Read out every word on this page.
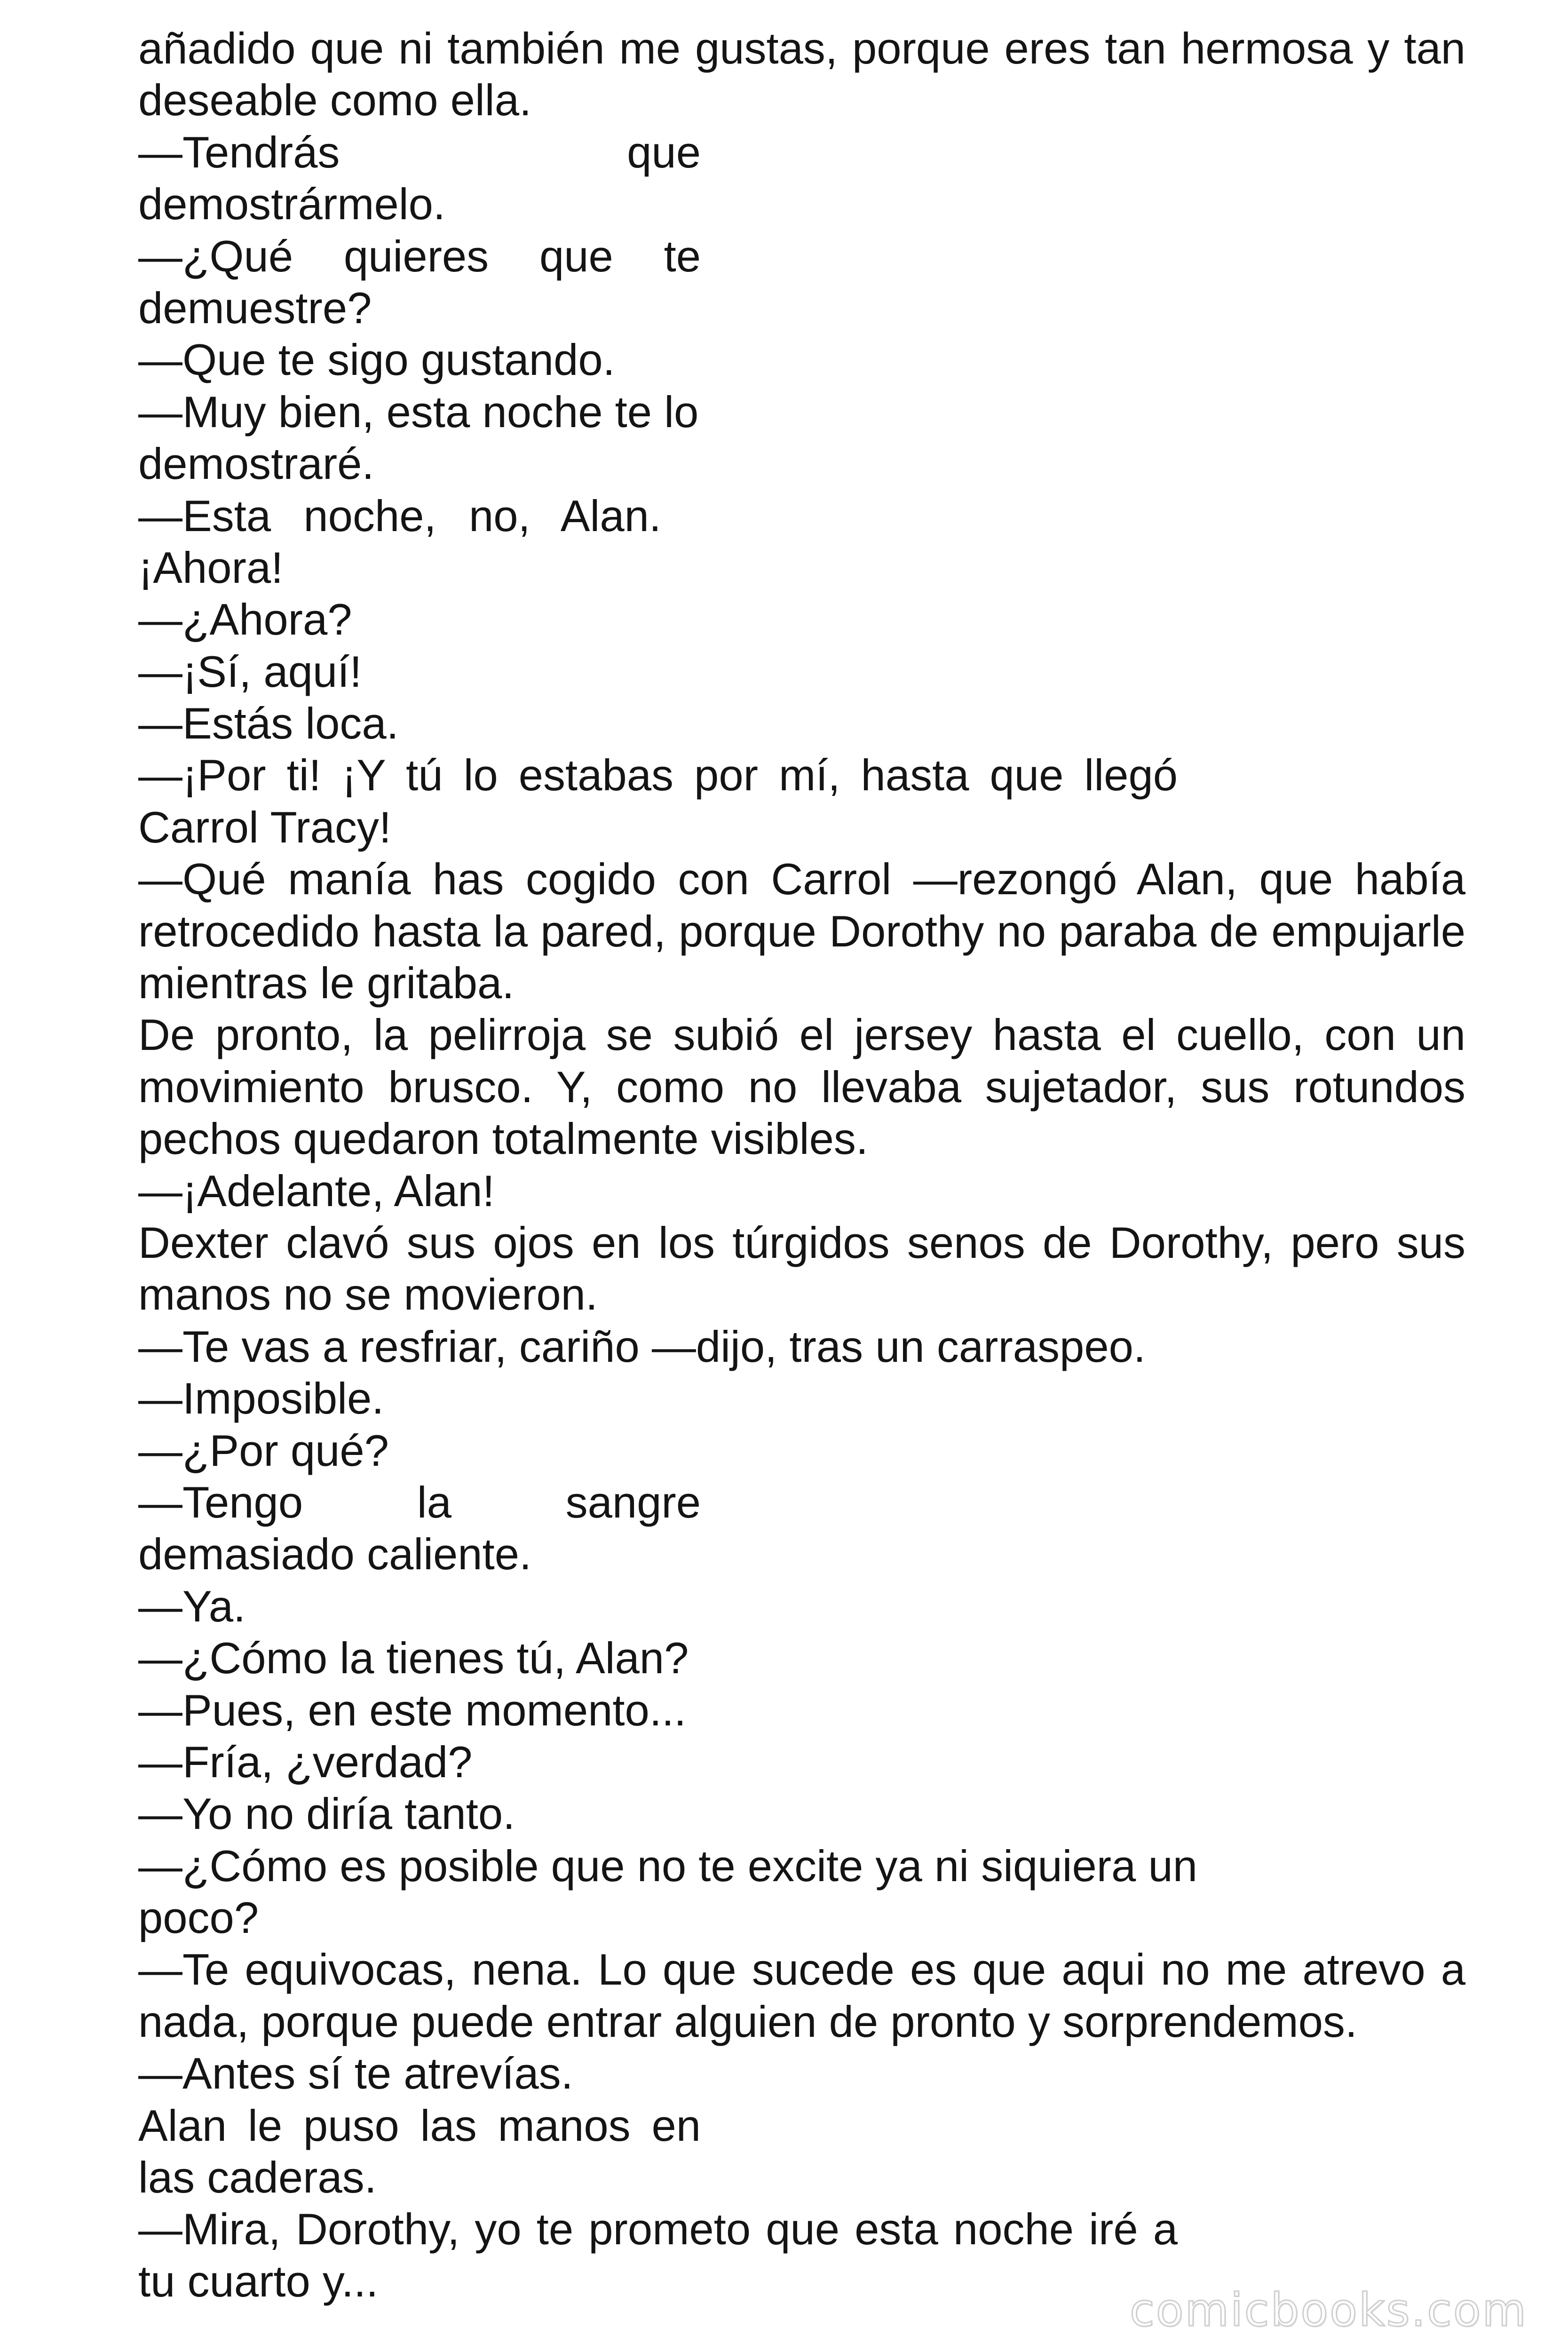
añadido que ni también me gustas, porque eres tan hermosa y tan
deseable como ella.
—Tendrás que
demostrármelo.
—¿Qué quieres que te
demuestre?
—Que te sigo gustando.
—Muy bien, esta noche te lo
demostraré.
—Esta noche, no, Alan.
¡Ahora!
—¿Ahora?
—¡Sí, aquí!
—Estás loca.
—¡Por ti! ¡Y tú lo estabas por mí, hasta que llegó
Carrol Tracy!
—Qué manía has cogido con Carrol —rezongó Alan, que había
retrocedido hasta la pared, porque Dorothy no paraba de empujarle
mientras le gritaba.
De pronto, la pelirroja se subió el jersey hasta el cuello, con un
movimiento brusco. Y, como no llevaba sujetador, sus rotundos
pechos quedaron totalmente visibles.
—¡Adelante, Alan!
Dexter clavó sus ojos en los túrgidos senos de Dorothy, pero sus
manos no se movieron.
—Te vas a resfriar, cariño —dijo, tras un carraspeo.
—Imposible.
—¿Por qué?
—Tengo la sangre
demasiado caliente.
—Ya.
—¿Cómo la tienes tú, Alan?
—Pues, en este momento...
—Fría, ¿verdad?
—Yo no diría tanto.
—¿Cómo es posible que no te excite ya ni siquiera un
poco?
—Te equivocas, nena. Lo que sucede es que aqui no me atrevo a
nada, porque puede entrar alguien de pronto y sorprendemos.
—Antes sí te atrevías.
Alan le puso las manos en
las caderas.
—Mira, Dorothy, yo te prometo que esta noche iré a
tu cuarto y...
comicbooks.com
